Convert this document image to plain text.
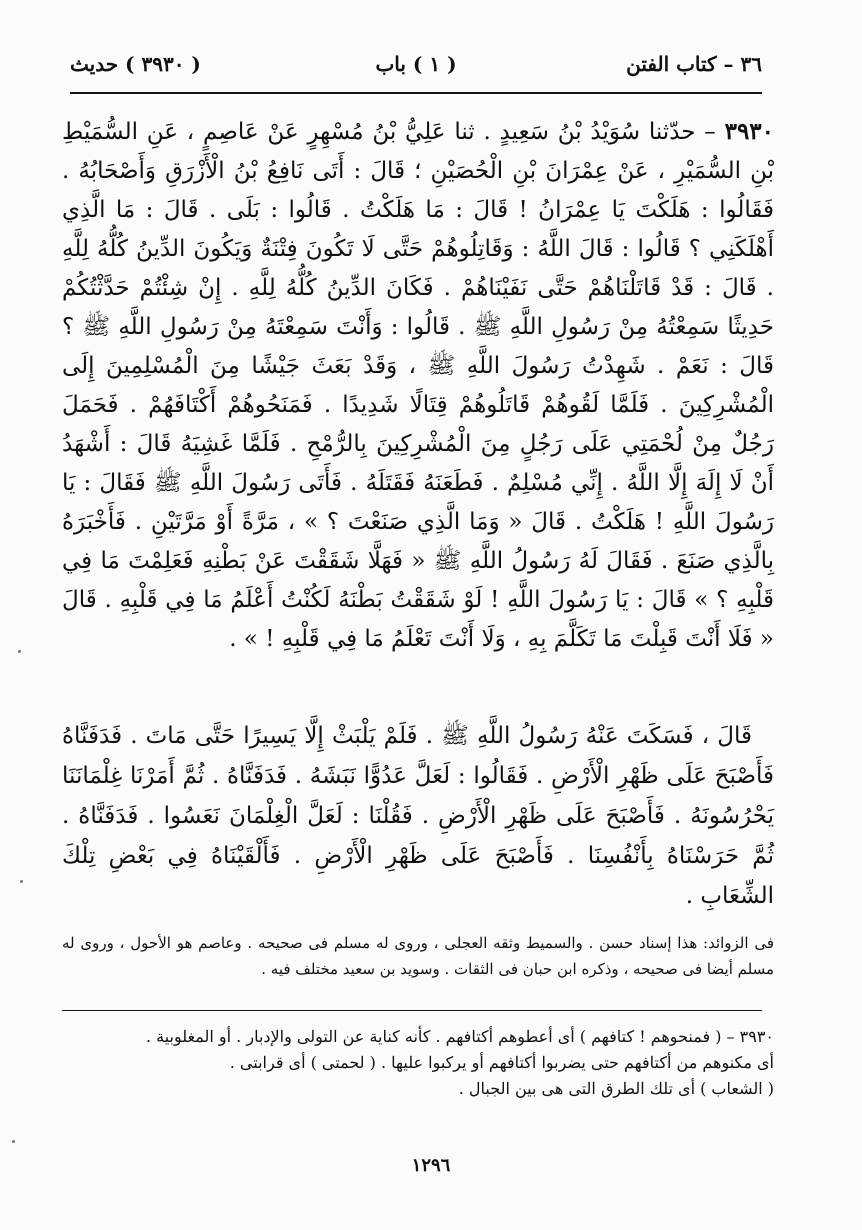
٣٦ – كتاب الفتن
( ١ ) باب
( ٣٩٣٠ ) حديث

٣٩٣٠ – حدّثنا سُوَيْدُ بْنُ سَعِيدٍ . ثنا عَلِيُّ بْنُ مُسْهِرٍ عَنْ عَاصِمٍ ، عَنِ السُّمَيْطِ بْنِ السُّمَيْرِ ، عَنْ عِمْرَانَ بْنِ الْحُصَيْنِ ؛ قَالَ : أَتَى نَافِعُ بْنُ الْأَزْرَقِ وَأَصْحَابُهُ . فَقَالُوا : هَلَكْتَ يَا عِمْرَانُ ! قَالَ : مَا هَلَكْتُ . قَالُوا : بَلَى . قَالَ : مَا الَّذِي أَهْلَكَنِي ؟ قَالُوا : قَالَ اللَّهُ : وَقَاتِلُوهُمْ حَتَّى لَا تَكُونَ فِتْنَةٌ وَيَكُونَ الدِّينُ كُلُّهُ لِلَّهِ . قَالَ : قَدْ قَاتَلْنَاهُمْ حَتَّى نَفَيْنَاهُمْ . فَكَانَ الدِّينُ كُلُّهُ لِلَّهِ . إِنْ شِئْتُمْ حَدَّثْتُكُمْ حَدِيثًا سَمِعْتُهُ مِنْ رَسُولِ اللَّهِ ﷺ . قَالُوا : وَأَنْتَ سَمِعْتَهُ مِنْ رَسُولِ اللَّهِ ﷺ ؟ قَالَ : نَعَمْ . شَهِدْتُ رَسُولَ اللَّهِ ﷺ ، وَقَدْ بَعَثَ جَيْشًا مِنَ الْمُسْلِمِينَ إِلَى الْمُشْرِكِينَ . فَلَمَّا لَقُوهُمْ قَاتَلُوهُمْ قِتَالًا شَدِيدًا . فَمَنَحُوهُمْ أَكْتَافَهُمْ . فَحَمَلَ رَجُلٌ مِنْ لُحْمَتِي عَلَى رَجُلٍ مِنَ الْمُشْرِكِينَ بِالرُّمْحِ . فَلَمَّا غَشِيَهُ قَالَ : أَشْهَدُ أَنْ لَا إِلَهَ إِلَّا اللَّهُ . إِنِّي مُسْلِمٌ . فَطَعَنَهُ فَقَتَلَهُ . فَأَتَى رَسُولَ اللَّهِ ﷺ فَقَالَ : يَا رَسُولَ اللَّهِ ! هَلَكْتُ . قَالَ « وَمَا الَّذِي صَنَعْتَ ؟ » ، مَرَّةً أَوْ مَرَّتَيْنِ . فَأَخْبَرَهُ بِالَّذِي صَنَعَ . فَقَالَ لَهُ رَسُولُ اللَّهِ ﷺ « فَهَلَّا شَقَقْتَ عَنْ بَطْنِهِ فَعَلِمْتَ مَا فِي قَلْبِهِ ؟ » قَالَ : يَا رَسُولَ اللَّهِ ! لَوْ شَقَقْتُ بَطْنَهُ لَكُنْتُ أَعْلَمُ مَا فِي قَلْبِهِ . قَالَ « فَلَا أَنْتَ قَبِلْتَ مَا تَكَلَّمَ بِهِ ، وَلَا أَنْتَ تَعْلَمُ مَا فِي قَلْبِهِ ! » .

قَالَ ، فَسَكَتَ عَنْهُ رَسُولُ اللَّهِ ﷺ . فَلَمْ يَلْبَثْ إِلَّا يَسِيرًا حَتَّى مَاتَ . فَدَفَنَّاهُ فَأَصْبَحَ عَلَى ظَهْرِ الْأَرْضِ . فَقَالُوا : لَعَلَّ عَدُوًّا نَبَشَهُ . فَدَفَنَّاهُ . ثُمَّ أَمَرْنَا غِلْمَانَنَا يَحْرُسُونَهُ . فَأَصْبَحَ عَلَى ظَهْرِ الْأَرْضِ . فَقُلْنَا : لَعَلَّ الْغِلْمَانَ نَعَسُوا . فَدَفَنَّاهُ . ثُمَّ حَرَسْنَاهُ بِأَنْفُسِنَا . فَأَصْبَحَ عَلَى ظَهْرِ الْأَرْضِ . فَأَلْقَيْنَاهُ فِي بَعْضِ تِلْكَ الشِّعَابِ .

فى الزوائد: هذا إسناد حسن . والسميط وثقه العجلى ، وروى له مسلم فى صحيحه . وعاصم هو الأحول ، وروى له مسلم أيضا فى صحيحه ، وذكره ابن حبان فى الثقات . وسويد بن سعيد مختلف فيه .

٣٩٣٠ – ( فمنحوهم ! كتافهم ) أى أعطوهم أكتافهم . كأنه كناية عن التولى والإدبار . أو المغلوبية .

أى مكنوهم من أكتافهم حتى يضربوا أكتافهم أو يركبوا عليها . ( لحمتى ) أى قرابتى .

( الشعاب ) أى تلك الطرق التى هى بين الجبال .

١٢٩٦
